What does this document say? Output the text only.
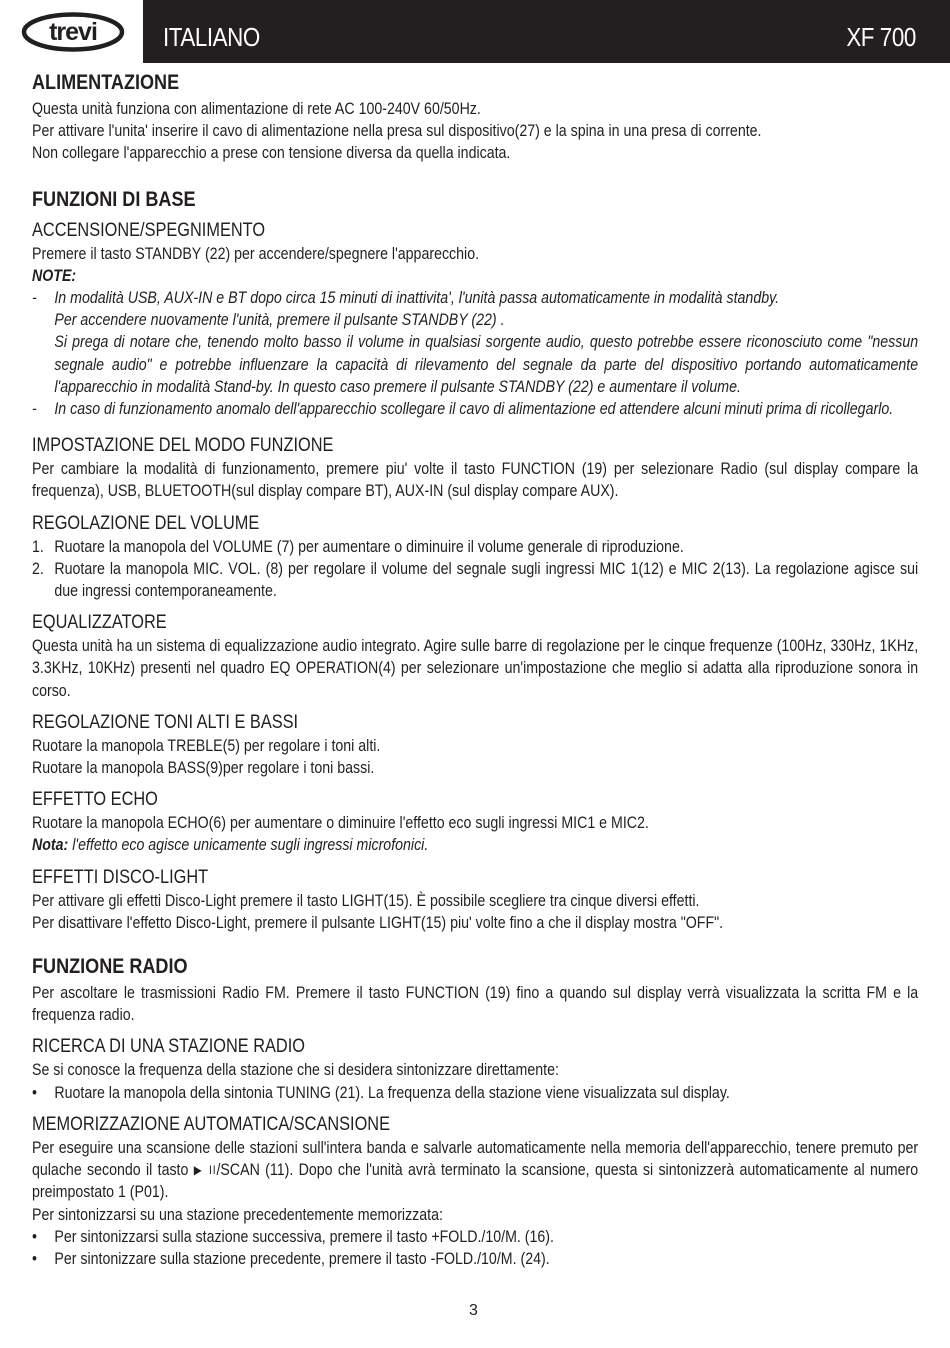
trevi	ITALIANO	XF 700
ALIMENTAZIONE
Questa unità funziona con alimentazione di rete AC 100-240V 60/50Hz.
Per attivare l'unita' inserire il cavo di alimentazione nella presa sul dispositivo(27) e la spina in una presa di corrente.
Non collegare l'apparecchio a prese con tensione diversa da quella indicata.
FUNZIONI DI BASE
ACCENSIONE/SPEGNIMENTO
Premere il tasto STANDBY (22) per accendere/spegnere l'apparecchio.
NOTE:
- In modalità USB, AUX-IN e BT dopo circa 15 minuti di inattivita', l'unità passa automaticamente in modalità standby.
Per accendere nuovamente l'unità, premere il pulsante STANDBY (22) .
Si prega di notare che, tenendo molto basso il volume in qualsiasi sorgente audio, questo potrebbe essere riconosciuto come "nessun segnale audio" e potrebbe influenzare la capacità di rilevamento del segnale da parte del dispositivo portando automaticamente l'apparecchio in modalità Stand-by. In questo caso premere il pulsante STANDBY (22) e aumentare il volume.
- In caso di funzionamento anomalo dell'apparecchio scollegare il cavo di alimentazione ed attendere alcuni minuti prima di ricollegarlo.
IMPOSTAZIONE DEL MODO FUNZIONE

Per cambiare la modalità di funzionamento, premere piu' volte il tasto FUNCTION (19) per selezionare Radio (sul display compare la frequenza), USB, BLUETOOTH(sul display compare BT), AUX-IN (sul display compare AUX).

REGOLAZIONE DEL VOLUME
1. Ruotare la manopola del VOLUME (7) per aumentare o diminuire il volume generale di riproduzione.
2. Ruotare la manopola MIC. VOL. (8) per regolare il volume del segnale sugli ingressi MIC 1(12) e MIC 2(13). La regolazione agisce sui due ingressi contemporaneamente.
EQUALIZZATORE

Questa unità ha un sistema di equalizzazione audio integrato. Agire sulle barre di regolazione per le cinque frequenze (100Hz, 330Hz, 1KHz, 3.3KHz, 10KHz) presenti nel quadro EQ OPERATION(4) per selezionare un'impostazione che meglio si adatta alla riproduzione sonora in corso.

REGOLAZIONE TONI ALTI E BASSI
Ruotare la manopola TREBLE(5) per regolare i toni alti.
Ruotare la manopola BASS(9)per regolare i toni bassi.
EFFETTO ECHO
Ruotare la manopola ECHO(6) per aumentare o diminuire l'effetto eco sugli ingressi MIC1 e MIC2.
Nota: l'effetto eco agisce unicamente sugli ingressi microfonici.
EFFETTI DISCO-LIGHT
Per attivare gli effetti Disco-Light premere il tasto LIGHT(15). È possibile scegliere tra cinque diversi effetti.
Per disattivare l'effetto Disco-Light, premere il pulsante LIGHT(15) piu' volte fino a che il display mostra "OFF".
FUNZIONE RADIO

Per ascoltare le trasmissioni Radio FM. Premere il tasto FUNCTION (19) fino a quando sul display verrà visualizzata la scritta FM e la frequenza radio.

RICERCA DI UNA STAZIONE RADIO
Se si conosce la frequenza della stazione che si desidera sintonizzare direttamente:
• Ruotare la manopola della sintonia TUNING (21). La frequenza della stazione viene visualizzata sul display.
MEMORIZZAZIONE AUTOMATICA/SCANSIONE

Per eseguire una scansione delle stazioni sull'intera banda e salvarle automaticamente nella memoria dell'apparecchio, tenere premuto per qulache secondo il tasto ▶ II/SCAN (11). Dopo che l'unità avrà terminato la scansione, questa si sintonizzerà automaticamente al numero preimpostato 1 (P01).

Per sintonizzarsi su una stazione precedentemente memorizzata:
• Per sintonizzarsi sulla stazione successiva, premere il tasto +FOLD./10/M. (16).
• Per sintonizzare sulla stazione precedente, premere il tasto -FOLD./10/M. (24).
3
